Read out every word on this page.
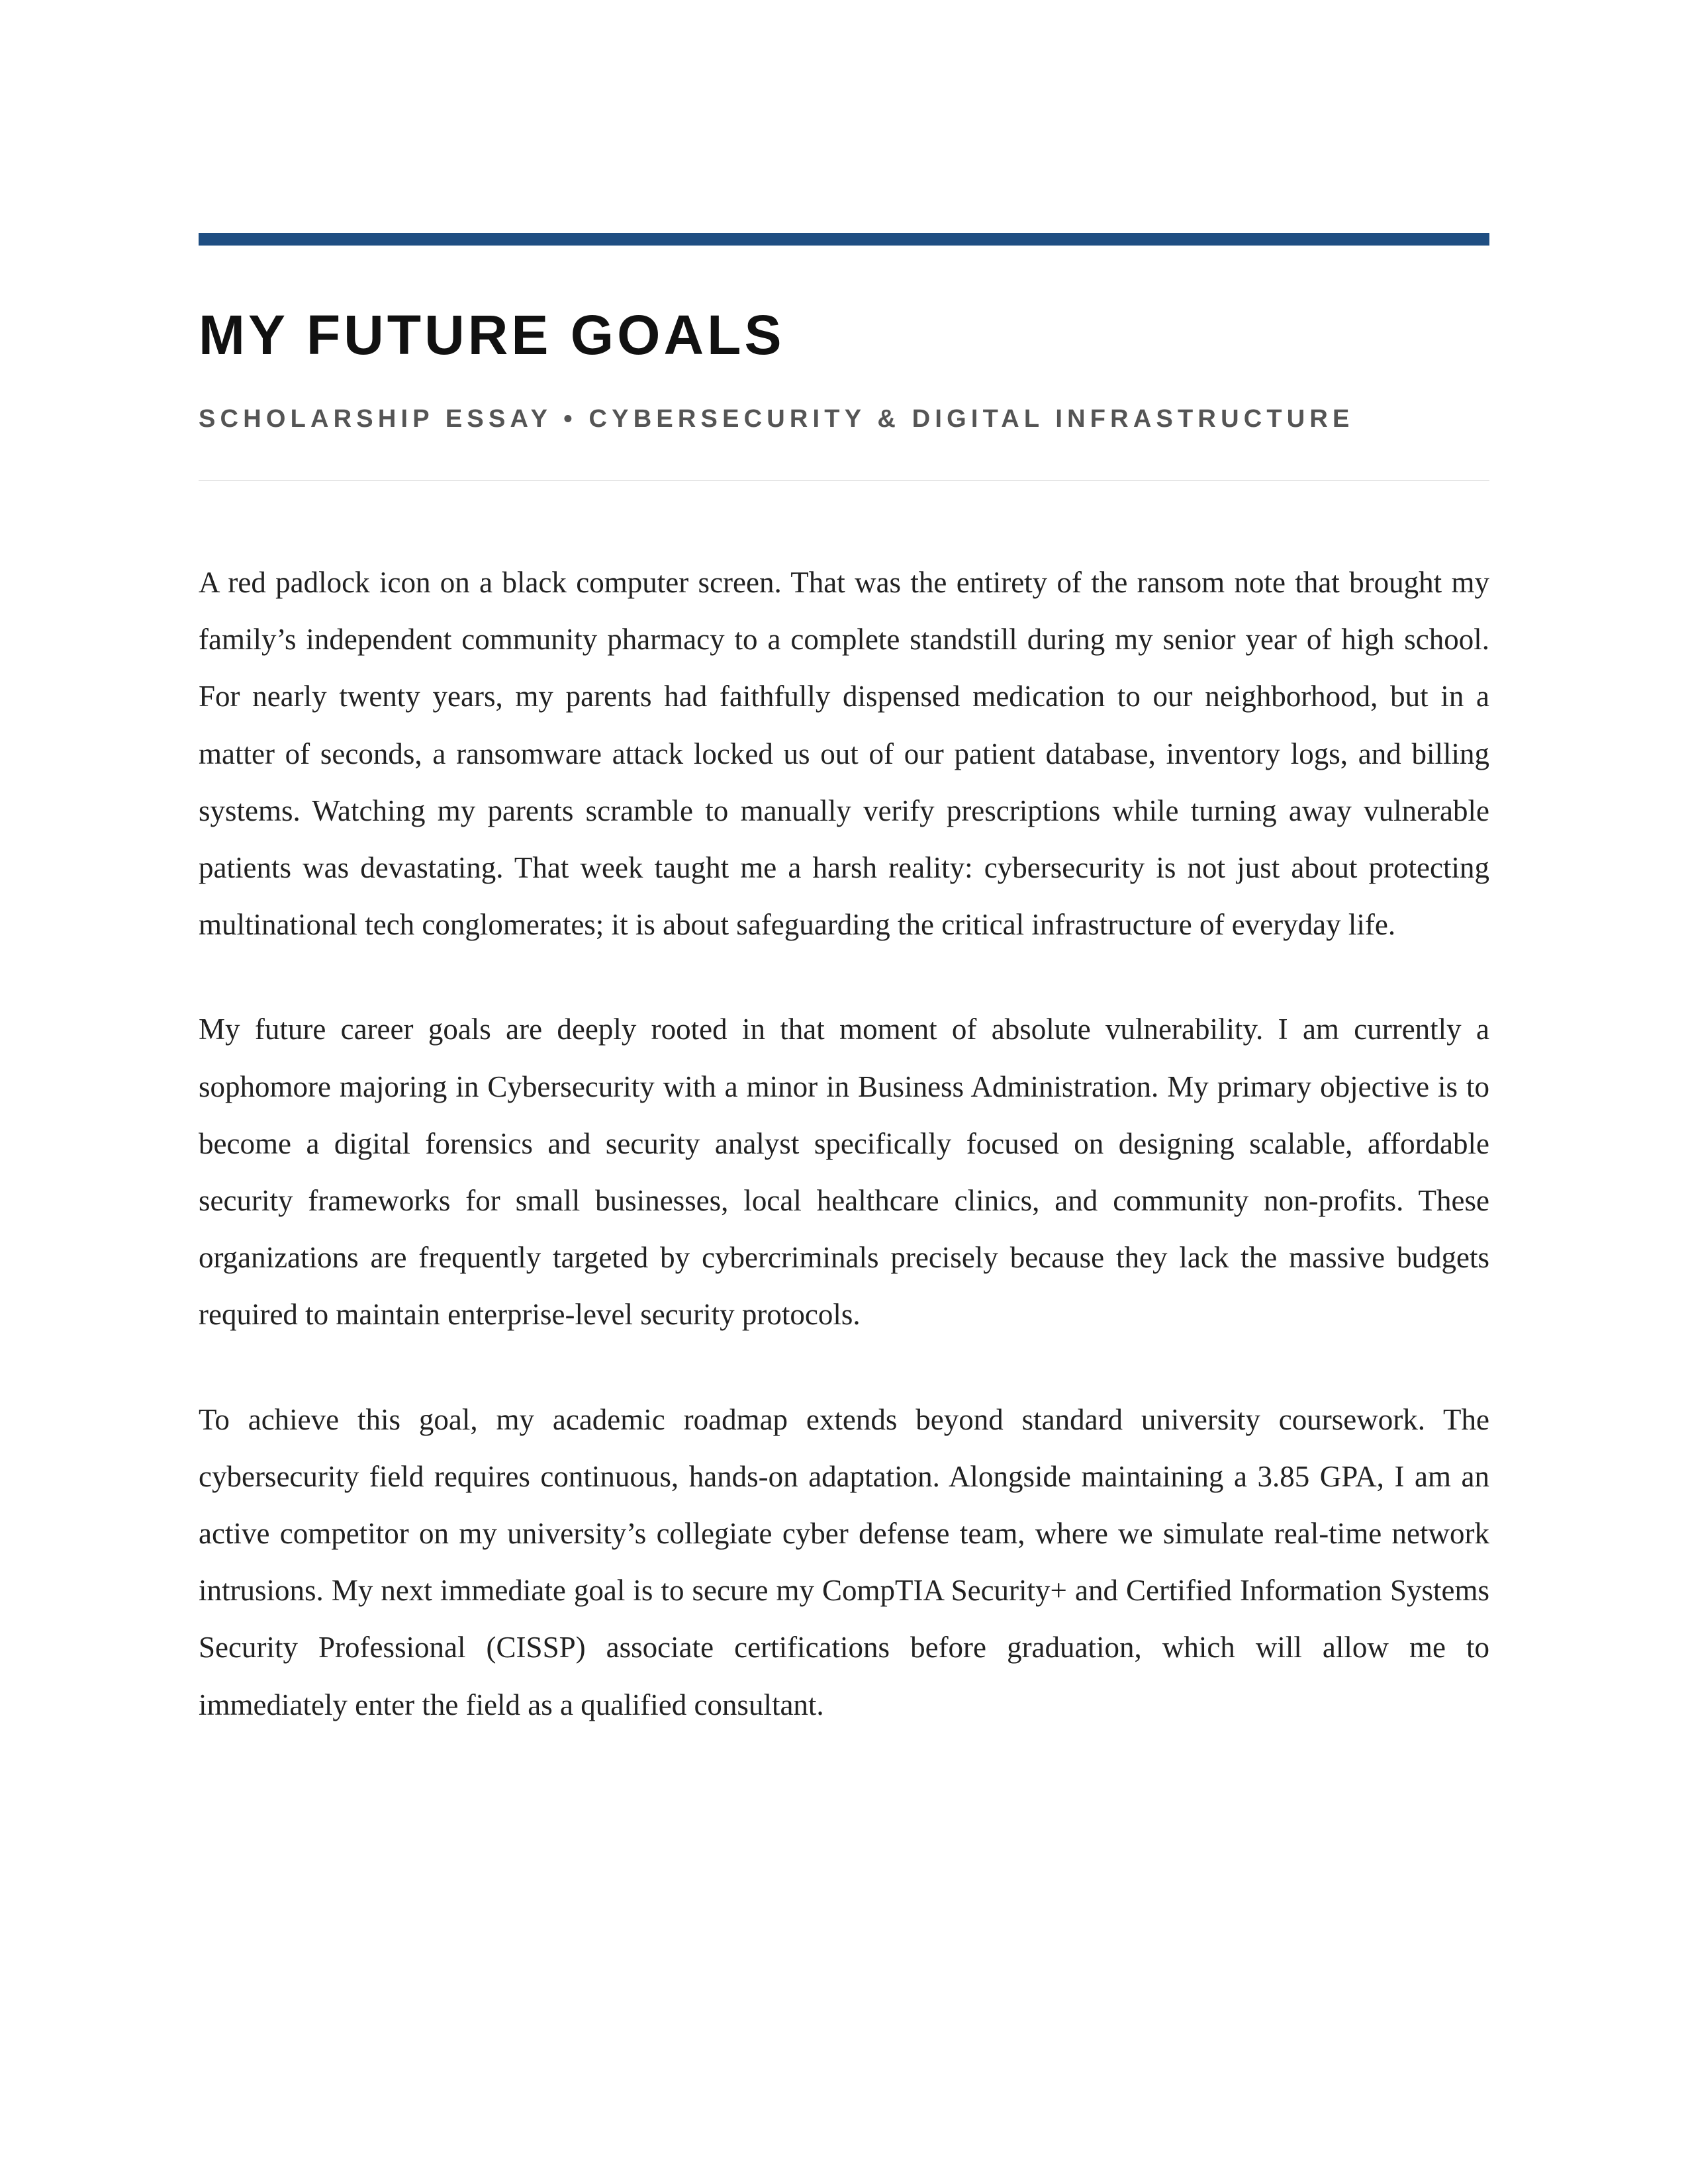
MY FUTURE GOALS
SCHOLARSHIP ESSAY • CYBERSECURITY & DIGITAL INFRASTRUCTURE

A red padlock icon on a black computer screen. That was the entirety of the ransom note that brought my family’s independent community pharmacy to a complete standstill during my senior year of high school. For nearly twenty years, my parents had faithfully dispensed medication to our neighborhood, but in a matter of seconds, a ransomware attack locked us out of our patient database, inventory logs, and billing systems. Watching my parents scramble to manually verify prescriptions while turning away vulnerable patients was devastating. That week taught me a harsh reality: cybersecurity is not just about protecting multinational tech conglomerates; it is about safeguarding the critical infrastructure of everyday life.

My future career goals are deeply rooted in that moment of absolute vulnerability. I am currently a sophomore majoring in Cybersecurity with a minor in Business Administration. My primary objective is to become a digital forensics and security analyst specifically focused on designing scalable, affordable security frameworks for small businesses, local healthcare clinics, and community non-profits. These organizations are frequently targeted by cybercriminals precisely because they lack the massive budgets required to maintain enterprise-level security protocols.

To achieve this goal, my academic roadmap extends beyond standard university coursework. The cybersecurity field requires continuous, hands-on adaptation. Alongside maintaining a 3.85 GPA, I am an active competitor on my university’s collegiate cyber defense team, where we simulate real-time network intrusions. My next immediate goal is to secure my CompTIA Security+ and Certified Information Systems Security Professional (CISSP) associate certifications before graduation, which will allow me to immediately enter the field as a qualified consultant.
